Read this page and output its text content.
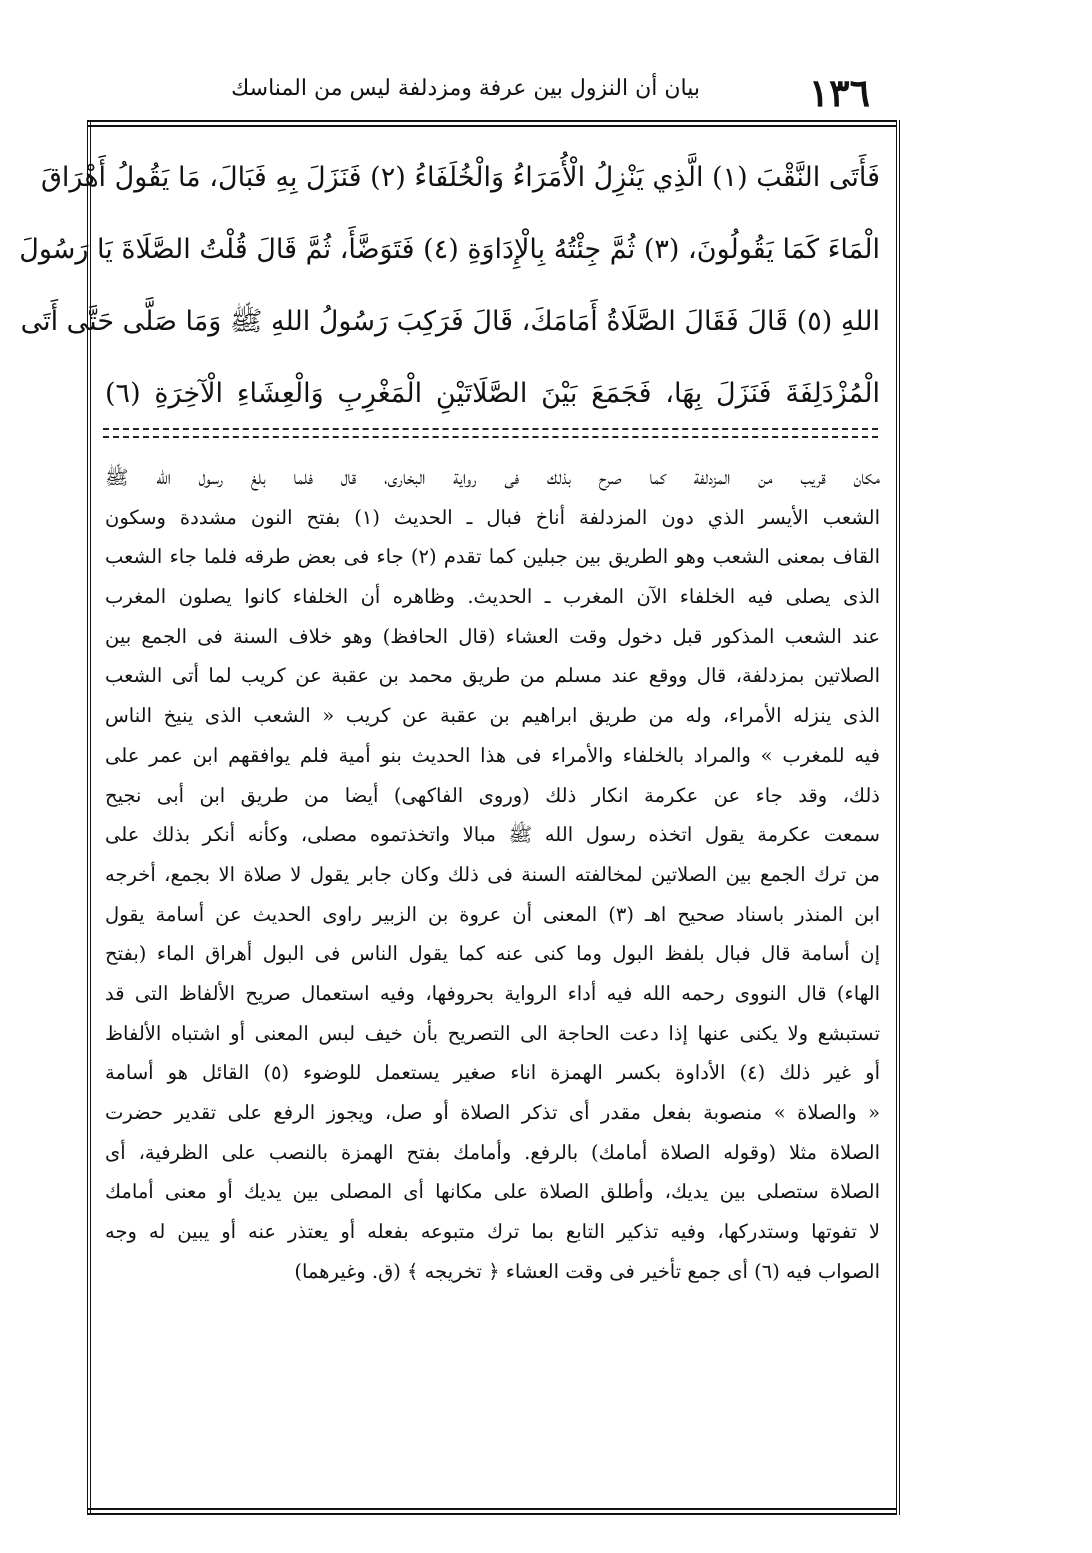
١٣٦
بيان أن النزول بين عرفة ومزدلفة ليس من المناسك
فَأَتَى النَّقْبَ (١) الَّذِي يَنْزِلُ الْأُمَرَاءُ وَالْخُلَفَاءُ (٢) فَنَزَلَ بِهِ فَبَالَ، مَا يَقُولُ أَهْرَاقَ
الْمَاءَ كَمَا يَقُولُونَ، (٣) ثُمَّ جِئْتُهُ بِالْإِدَاوَةِ (٤) فَتَوَضَّأَ، ثُمَّ قَالَ قُلْتُ الصَّلَاةَ يَا رَسُولَ
اللهِ (٥) قَالَ فَقَالَ الصَّلَاةُ أَمَامَكَ، قَالَ فَرَكِبَ رَسُولُ اللهِ ﷺ وَمَا صَلَّى حَتَّى أَتَى
الْمُزْدَلِفَةَ فَنَزَلَ بِهَا، فَجَمَعَ بَيْنَ الصَّلَاتَيْنِ الْمَغْرِبِ وَالْعِشَاءِ الْآخِرَةِ (٦)
مكان قريب من المزدلفة كما صرح بذلك فى رواية البخارى، قال فلما بلغ رسول الله ﷺ
الشعب الأيسر الذي دون المزدلفة أناخ فبال ـ الحديث (١) بفتح النون مشددة وسكون
القاف بمعنى الشعب وهو الطريق بين جبلين كما تقدم (٢) جاء فى بعض طرقه فلما جاء الشعب
الذى يصلى فيه الخلفاء الآن المغرب ـ الحديث. وظاهره أن الخلفاء كانوا يصلون المغرب
عند الشعب المذكور قبل دخول وقت العشاء (قال الحافظ) وهو خلاف السنة فى الجمع بين
الصلاتين بمزدلفة، قال ووقع عند مسلم من طريق محمد بن عقبة عن كريب لما أتى الشعب
الذى ينزله الأمراء، وله من طريق ابراهيم بن عقبة عن كريب « الشعب الذى ينيخ الناس
فيه للمغرب » والمراد بالخلفاء والأمراء فى هذا الحديث بنو أمية فلم يوافقهم ابن عمر على
ذلك، وقد جاء عن عكرمة انكار ذلك (وروى الفاكهى) أيضا من طريق ابن أبى نجيح
سمعت عكرمة يقول اتخذه رسول الله ﷺ مبالا واتخذتموه مصلى، وكأنه أنكر بذلك على
من ترك الجمع بين الصلاتين لمخالفته السنة فى ذلك وكان جابر يقول لا صلاة الا بجمع، أخرجه
ابن المنذر باسناد صحيح اهـ (٣) المعنى أن عروة بن الزبير راوى الحديث عن أسامة يقول
إن أسامة قال فبال بلفظ البول وما كنى عنه كما يقول الناس فى البول أهراق الماء (بفتح
الهاء) قال النووى رحمه الله فيه أداء الرواية بحروفها، وفيه استعمال صريح الألفاظ التى قد
تستبشع ولا يكنى عنها إذا دعت الحاجة الى التصريح بأن خيف لبس المعنى أو اشتباه الألفاظ
أو غير ذلك (٤) الأداوة بكسر الهمزة اناء صغير يستعمل للوضوء (٥) القائل هو أسامة
« والصلاة » منصوبة بفعل مقدر أى تذكر الصلاة أو صل، ويجوز الرفع على تقدير حضرت
الصلاة مثلا (وقوله الصلاة أمامك) بالرفع. وأمامك بفتح الهمزة بالنصب على الظرفية، أى
الصلاة ستصلى بين يديك، وأطلق الصلاة على مكانها أى المصلى بين يديك أو معنى أمامك
لا تفوتها وستدركها، وفيه تذكير التابع بما ترك متبوعه بفعله أو يعتذر عنه أو يبين له وجه
الصواب فيه (٦) أى جمع تأخير فى وقت العشاء ﴿ تخريجه ﴾ (ق. وغيرهما)
